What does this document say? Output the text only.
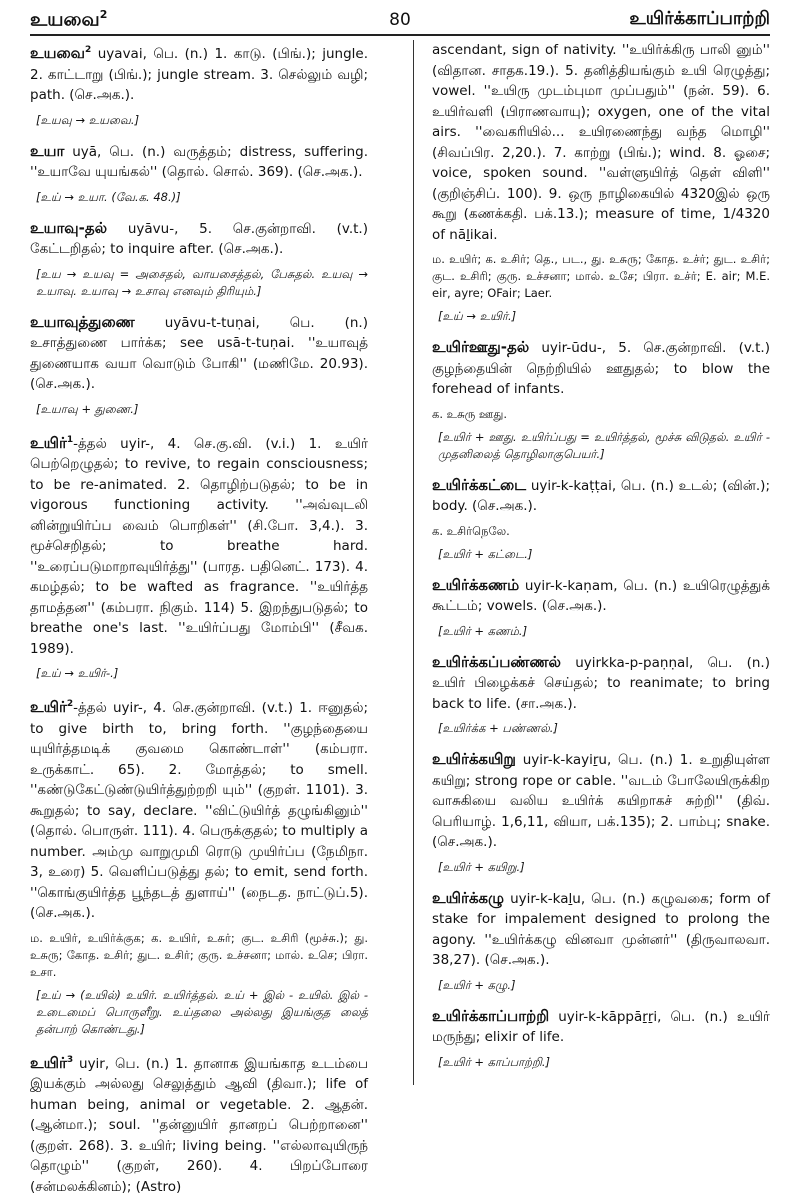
80
உயவை$^2$	உயிர்க்காப்பாற்றி
உயவை$^2$ uyavai, பெ. (n.) 1. காடு. (பிங்.); jungle. 2. காட்டாறு (பிங்.); jungle stream. 3. செல்லும் வழி; path. (செ.அக.).
[உயவு → உயவை.]
உயா uyā, பெ. (n.) வருத்தம்; distress, suffering. ''உயாவே யுயங்கல்'' (தொல். சொல். 369). (செ.அக.).
[உய் → உயா. (வே.க. 48.)]
உயாவு-தல் uyāvu-, 5. செ.குன்றாவி. (v.t.) கேட்டறிதல்; to inquire after. (செ.அக.).
[உய → உயவு = அசைதல், வாயசைத்தல், பேசுதல். உயவு → உயாவு. உயாவு → உசாவு எனவும் திரியும்.]
உயாவுத்துணை uyāvu-t-tuṇai, பெ. (n.) உசாத்துணை பார்க்க; see usā-t-tuṇai. ''உயாவுத் துணையாக வயா வொடும் போகி'' (மணிமே. 20.93). (செ.அக.).
[உயாவு + துணை.]
உயிர்$^1$-த்தல் uyir-, 4. செ.கு.வி. (v.i.) 1. உயிர் பெற்றெழுதல்; to revive, to regain consciousness; to be re-animated. 2. தொழிற்படுதல்; to be in vigorous functioning activity. ''அவ்வுடலி னின்றுயிர்ப்ப வைம் பொறிகள்'' (சி.போ. 3,4.). 3. மூச்செறிதல்; to breathe hard. ''உரைப்படுமாறாவுயிர்த்து'' (பாரத. பதினெட். 173). 4. கமழ்தல்; to be wafted as fragrance. ''உயிர்த்த தாமத்தன'' (கம்பரா. நிகும். 114) 5. இறந்துபடுதல்; to breathe one's last. ''உயிர்ப்பது மோம்பி'' (சீவக. 1989).
[உய் → உயிர்-.]
உயிர்$^2$-த்தல் uyir-, 4. செ.குன்றாவி. (v.t.) 1. ஈனுதல்; to give birth to, bring forth. ''குழந்தையை யுயிர்த்தமடிக் குவமை கொண்டாள்'' (கம்பரா. உருக்காட். 65). 2. மோத்தல்; to smell. ''கண்டுகேட்டுண்டுயிர்த்துற்றறி யும்'' (குறள். 1101). 3. கூறுதல்; to say, declare. ''விட்டுயிர்த் தழுங்கினும்'' (தொல். பொருள். 111). 4. பெருக்குதல்; to multiply a number. அம்மு வாறுமுமி ரொடு முயிர்ப்ப (நேமிநா. 3, உரை) 5. வெளிப்படுத்து தல்; to emit, send forth. ''கொங்குயிர்த்த பூந்தடத் துளாய்'' (நைடத. நாட்டுப்.5). (செ.அக.).
ம. உயிர், உயிர்க்குக; க. உயிர், உசுர்; குட. உசிரி (மூச்சு.); து. உசுரு; கோத. உசிர்; துட. உசிர்; குரு. உச்சனா; மால். உசெ; பிரா. உசா.
[உய் → (உயில்) உயிர். உயிர்த்தல். உய் + இல் - உயில். இல் - உடைமைப் பொருளீறு. உய்தலை அல்லது இயங்குத லைத் தன்பாற் கொண்டது.]
உயிர்$^3$ uyir, பெ. (n.) 1. தானாக இயங்காத உடம்பை இயக்கும் அல்லது செலுத்தும் ஆவி (திவா.); life of human being, animal or vegetable. 2. ஆதன். (ஆன்மா.); soul. ''தன்னுயிர் தானறப் பெற்றானை'' (குறள். 268). 3. உயிர்; living being. ''எல்லாவுயிருந் தொழும்'' (குறள், 260). 4. பிறப்போரை (சன்மலக்கினம்); (Astro)
ascendant, sign of nativity. ''உயிர்க்கிரு பாலி னும்'' (விதான. சாதக.19.). 5. தனித்தியங்கும் உயி ரெழுத்து; vowel. ''உயிரு முடம்புமா முப்பதும்'' (நன். 59). 6. உயிர்வளி (பிராணவாயு); oxygen, one of the vital airs. ''வைகரியில்... உயிரணைந்து வந்த மொழி'' (சிவப்பிர. 2,20.). 7. காற்று (பிங்.); wind. 8. ஓசை; voice, spoken sound. ''வள்ளுயிர்த் தெள் விளி'' (குறிஞ்சிப். 100). 9. ஒரு நாழிகையில் 4320இல் ஒரு கூறு (கணக்கதி. பக்.13.); measure of time, 1/4320 of nāḻikai.
ம. உயிர்; க. உசிர்; தெ., பட., து. உசுரு; கோத. உச்ர்; துட. உசிர்; குட. உசிரி; குரு. உச்சனா; மால். உசே; பிரா. உச்ர்; E. air; M.E. eir, ayre; OFair; Laer.
[உய் → உயிர்.]
உயிர்ஊது-தல் uyir-ūdu-, 5. செ.குன்றாவி. (v.t.) குழந்தையின் நெற்றியில் ஊதுதல்; to blow the forehead of infants.
க. உசுரு ஊது.
[உயிர் + ஊது. உயிர்ப்பது = உயிர்த்தல், மூச்சு விடுதல். உயிர் - முதனிலைத் தொழிலாகுபெயர்.]
உயிர்க்கட்டை uyir-k-kaṭṭai, பெ. (n.) உடல்; (வின்.); body. (செ.அக.).
க. உசிர்நெலே.
[உயிர் + கட்டை.]
உயிர்க்கணம் uyir-k-kaṇam, பெ. (n.) உயிரெழுத்துக் கூட்டம்; vowels. (செ.அக.).
[உயிர் + கணம்.]
உயிர்க்கப்பண்ணல் uyirkka-p-paṇṇal, பெ. (n.) உயிர் பிழைக்கச் செய்தல்; to reanimate; to bring back to life. (சா.அக.).
[உயிர்க்க + பண்ணல்.]
உயிர்க்கயிறு uyir-k-kayiṟu, பெ. (n.) 1. உறுதியுள்ள கயிறு; strong rope or cable. ''வடம் போலேயிருக்கிற வாசுகியை வலிய உயிர்க் கயிறாகச் சுற்றி'' (திவ். பெரியாழ். 1,6,11, வியா, பக்.135); 2. பாம்பு; snake. (செ.அக.).
[உயிர் + கயிறு.]
உயிர்க்கழு uyir-k-kaḻu, பெ. (n.) கழுவகை; form of stake for impalement designed to prolong the agony. ''உயிர்க்கழு வினவா முன்னர்'' (திருவாலவா. 38,27). (செ.அக.).
[உயிர் + கழு.]
உயிர்க்காப்பாற்றி uyir-k-kāppāṟṟi, பெ. (n.) உயிர் மருந்து; elixir of life.
[உயிர் + காப்பாற்றி.]
